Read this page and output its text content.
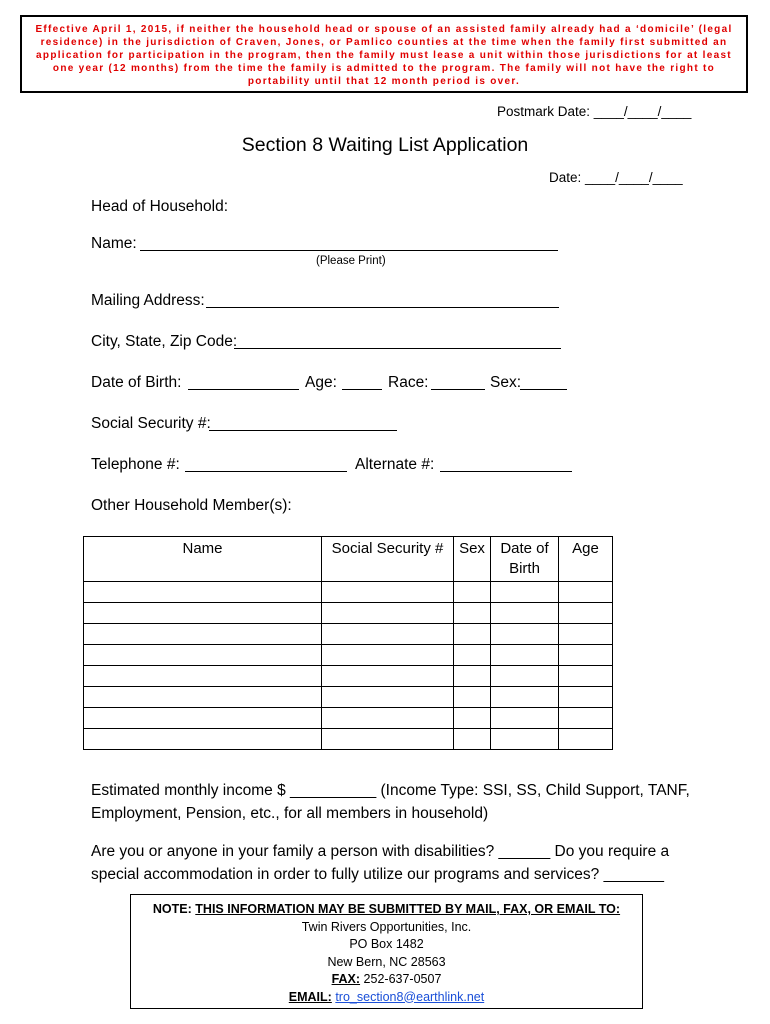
Effective April 1, 2015, if neither the household head or spouse of an assisted family already had a ‘domicile’ (legal residence) in the jurisdiction of Craven, Jones, or Pamlico counties at the time when the family first submitted an application for participation in the program, then the family must lease a unit within those jurisdictions for at least one year (12 months) from the time the family is admitted to the program. The family will not have the right to portability until that 12 month period is over.
Postmark Date: ____/____/____
Section 8 Waiting List Application
Date: ____/____/____
Head of Household:
Name:
(Please Print)
Mailing Address:
City, State, Zip Code:
Date of Birth:	Age:	Race:	Sex:
Social Security #:
Telephone #:	Alternate #:
Other Household Member(s):
Name	Social Security #	Sex	Date of Birth	Age

Estimated monthly income $ __________ (Income Type: SSI, SS, Child Support, TANF,
Employment, Pension, etc., for all members in household)
Are you or anyone in your family a person with disabilities? ______ Do you require a
special accommodation in order to fully utilize our programs and services? _______
NOTE: THIS INFORMATION MAY BE SUBMITTED BY MAIL, FAX, OR EMAIL TO:
Twin Rivers Opportunities, Inc.
PO Box 1482
New Bern, NC 28563
FAX: 252-637-0507
EMAIL: tro_section8@earthlink.net
